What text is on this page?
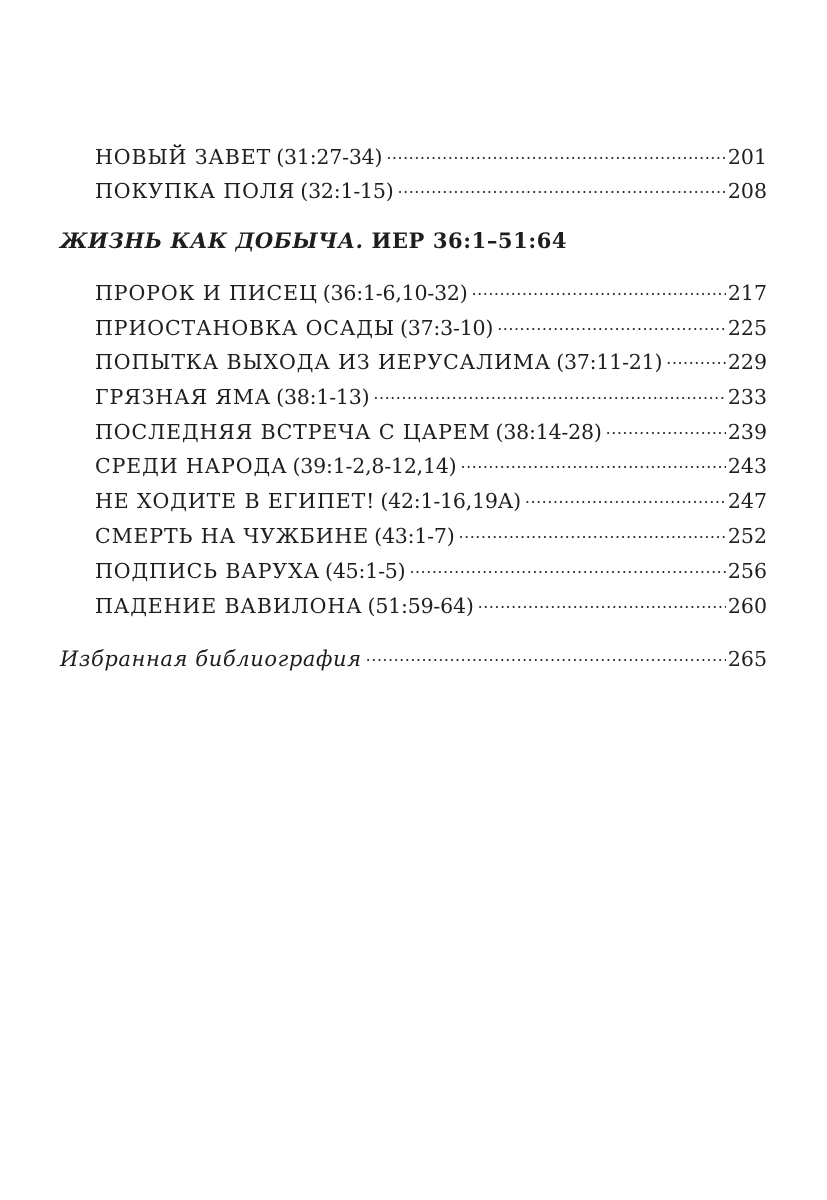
НОВЫЙ ЗАВЕТ (31:27-34) .....	201
ПОКУПКА ПОЛЯ (32:1-15) .....	208
ЖИЗНЬ КАК ДОБЫЧА. ИЕР 36:1–51:64
ПРОРОК И ПИСЕЦ (36:1-6,10-32) .....	217
ПРИОСТАНОВКА ОСАДЫ (37:3-10) .....	225
ПОПЫТКА ВЫХОДА ИЗ ИЕРУСАЛИМА (37:11-21) .....	229
ГРЯЗНАЯ ЯМА (38:1-13) .....	233
ПОСЛЕДНЯЯ ВСТРЕЧА С ЦАРЕМ (38:14-28) .....	239
СРЕДИ НАРОДА (39:1-2,8-12,14) .....	243
НЕ ХОДИТЕ В ЕГИПЕТ! (42:1-16,19А) .....	247
СМЕРТЬ НА ЧУЖБИНЕ (43:1-7) .....	252
ПОДПИСЬ ВАРУХА (45:1-5) .....	256
ПАДЕНИЕ ВАВИЛОНА (51:59-64) .....	260
Избранная библиография .....	265
